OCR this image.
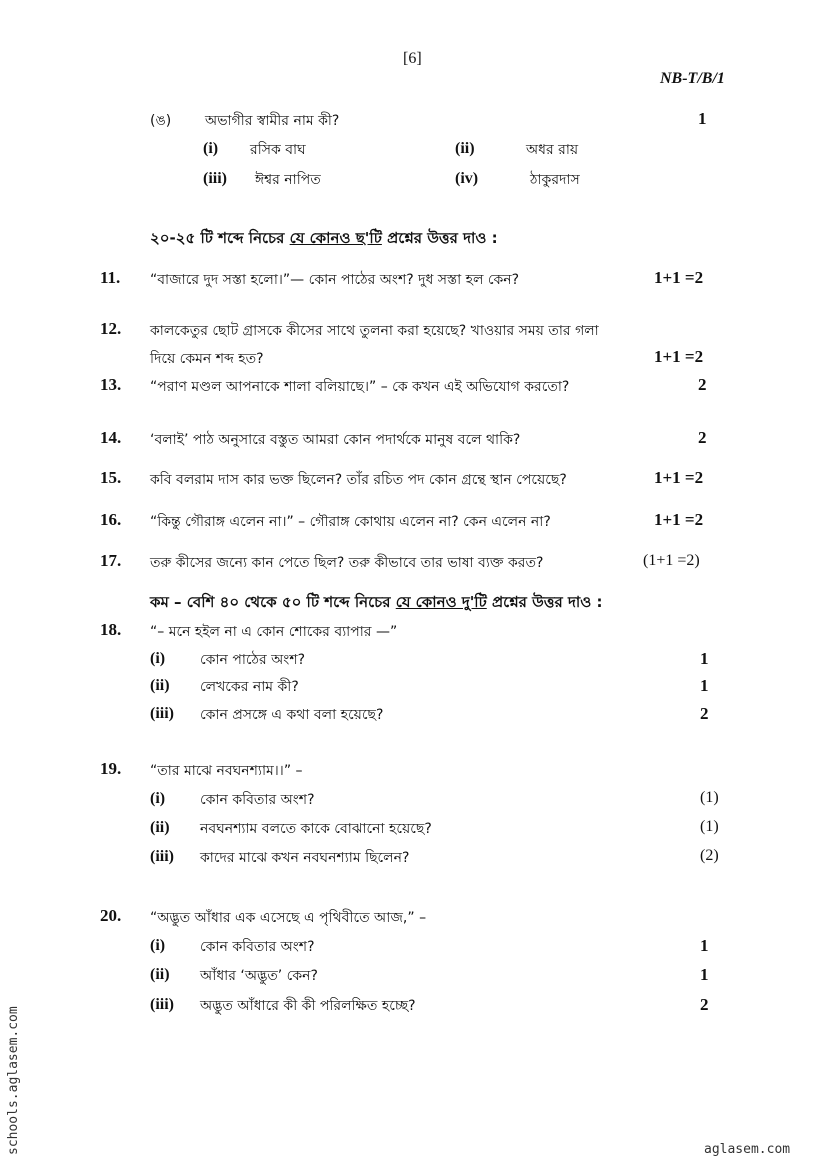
[6]
NB-T/B/1
(ঙ) অভাগীর স্বামীর নাম কী?	1
(i) রসিক বাঘ	(ii)	অধর রায়
(iii) ঈশ্বর নাপিত	(iv)	ঠাকুরদাস
২০-২৫ টি শব্দে নিচের যে কোনও ছ'টি প্রশ্নের উত্তর দাও :
11. “বাজারে দুদ সস্তা হলো।”— কোন পাঠের অংশ? দুধ সস্তা হল কেন?	1+1 =2
12. কালকেতুর ছোট গ্রাসকে কীসের সাথে তুলনা করা হয়েছে? খাওয়ার সময় তার গলা
দিয়ে কেমন শব্দ হত?	1+1 =2
13. “পরাণ মণ্ডল আপনাকে শালা বলিয়াছে।” – কে কখন এই অভিযোগ করতো?	2
14. ‘বলাই’ পাঠ অনুসারে বস্তুত আমরা কোন পদার্থকে মানুষ বলে থাকি?	2
15. কবি বলরাম দাস কার ভক্ত ছিলেন? তাঁর রচিত পদ কোন গ্রন্থে স্থান পেয়েছে?	1+1 =2
16. “কিন্তু গৌরাঙ্গ এলেন না।” – গৌরাঙ্গ কোথায় এলেন না? কেন এলেন না?	1+1 =2
17. তরু কীসের জন্যে কান পেতে ছিল? তরু কীভাবে তার ভাষা ব্যক্ত করত?	(1+1 =2)
কম – বেশি ৪০ থেকে ৫০ টি শব্দে নিচের যে কোনও দু'টি প্রশ্নের উত্তর দাও :
18. “– মনে হইল না এ কোন শোকের ব্যাপার —”
(i) কোন পাঠের অংশ?	1
(ii) লেখকের নাম কী?	1
(iii) কোন প্রসঙ্গে এ কথা বলা হয়েছে?	2
19. “তার মাঝে নবঘনশ্যাম।।” –
(i) কোন কবিতার অংশ?	(1)
(ii) নবঘনশ্যাম বলতে কাকে বোঝানো হয়েছে?	(1)
(iii) কাদের মাঝে কখন নবঘনশ্যাম ছিলেন?	(2)
20. “অদ্ভুত আঁধার এক এসেছে এ পৃথিবীতে আজ,” –
(i) কোন কবিতার অংশ?	1
(ii) আঁধার ‘অদ্ভুত’ কেন?	1
(iii) অদ্ভুত আঁধারে কী কী পরিলক্ষিত হচ্ছে?	2
schools.aglasem.com	aglasem.com
